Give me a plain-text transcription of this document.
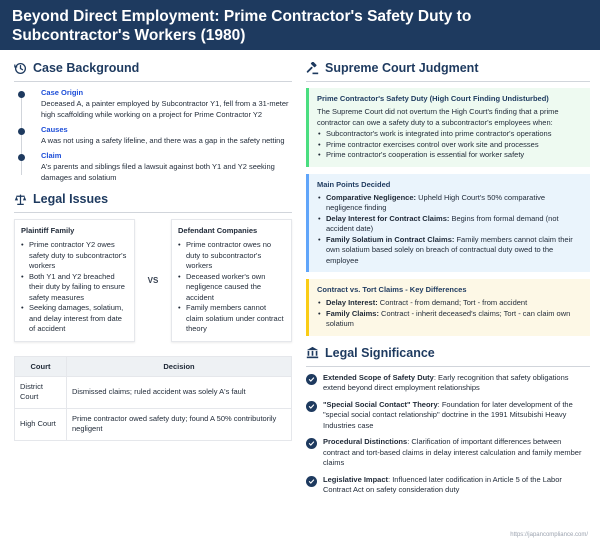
Beyond Direct Employment: Prime Contractor's Safety Duty to Subcontractor's Workers (1980)
Case Background
Case Origin
Deceased A, a painter employed by Subcontractor Y1, fell from a 31-meter high scaffolding while working on a project for Prime Contractor Y2
Causes
A was not using a safety lifeline, and there was a gap in the safety netting
Claim
A's parents and siblings filed a lawsuit against both Y1 and Y2 seeking damages and solatium
Legal Issues
Plaintiff Family
• Prime contractor Y2 owes safety duty to subcontractor's workers
• Both Y1 and Y2 breached their duty by failing to ensure safety measures
• Seeking damages, solatium, and delay interest from date of accident
VS
Defendant Companies
• Prime contractor owes no duty to subcontractor's workers
• Deceased worker's own negligence caused the accident
• Family members cannot claim solatium under contract theory
Court	Decision
District Court	Dismissed claims; ruled accident was solely A's fault
High Court	Prime contractor owed safety duty; found A 50% contributorily negligent
Supreme Court Judgment
Prime Contractor's Safety Duty (High Court Finding Undisturbed)

The Supreme Court did not overturn the High Court's finding that a prime contractor can owe a safety duty to a subcontractor's employees when:

• Subcontractor's work is integrated into prime contractor's operations
• Prime contractor exercises control over work site and processes
• Prime contractor's cooperation is essential for worker safety
Main Points Decided
• Comparative Negligence: Upheld High Court's 50% comparative negligence finding
• Delay Interest for Contract Claims: Begins from formal demand (not accident date)
• Family Solatium in Contract Claims: Family members cannot claim their own solatium based solely on breach of contractual duty owed to the employee
Contract vs. Tort Claims - Key Differences
• Delay Interest: Contract - from demand; Tort - from accident
• Family Claims: Contract - inherit deceased's claims; Tort - can claim own solatium
Legal Significance
Extended Scope of Safety Duty: Early recognition that safety obligations extend beyond direct employment relationships
"Special Social Contact" Theory: Foundation for later development of the "special social contact relationship" doctrine in the 1991 Mitsubishi Heavy Industries case
Procedural Distinctions: Clarification of important differences between contract and tort-based claims in delay interest calculation and family member claims
Legislative Impact: Influenced later codification in Article 5 of the Labor Contract Act on safety consideration duty
https://japancompliance.com/
